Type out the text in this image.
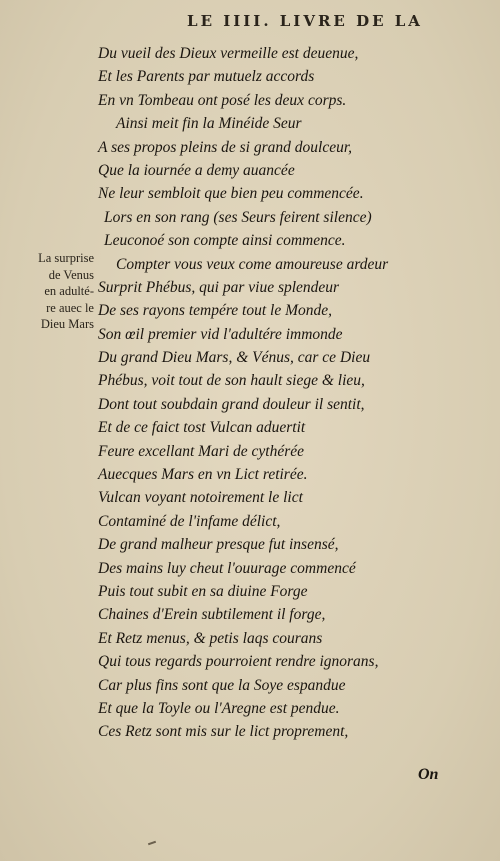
LE IIII. LIVRE DE LA
La surprise
de Venus
en adulté-
re auec le
Dieu Mars
Du vueil des Dieux vermeille est deuenue,
Et les Parents par mutuelz accords
En vn Tombeau ont posé les deux corps.
Ainsi meit fin la Minéide Seur
A ses propos pleins de si grand doulceur,
Que la iournée a demy auancée
Ne leur sembloit que bien peu commencée.
Lors en son rang (ses Seurs feirent silence)
Leuconoé son compte ainsi commence.
Compter vous veux come amoureuse ardeur
Surprit Phébus, qui par viue splendeur
De ses rayons tempére tout le Monde,
Son œil premier vid l'adultére immonde
Du grand Dieu Mars, & Vénus, car ce Dieu
Phébus, voit tout de son hault siege & lieu,
Dont tout soubdain grand douleur il sentit,
Et de ce faict tost Vulcan aduertit
Feure excellant Mari de cythérée
Auecques Mars en vn Lict retirée.
Vulcan voyant notoirement le lict
Contaminé de l'infame délict,
De grand malheur presque fut insensé,
Des mains luy cheut l'ouurage commencé
Puis tout subit en sa diuine Forge
Chaines d'Erein subtilement il forge,
Et Retz menus, & petis laqs courans
Qui tous regards pourroient rendre ignorans,
Car plus fins sont que la Soye espandue
Et que la Toyle ou l'Aregne est pendue.
Ces Retz sont mis sur le lict proprement,
On
